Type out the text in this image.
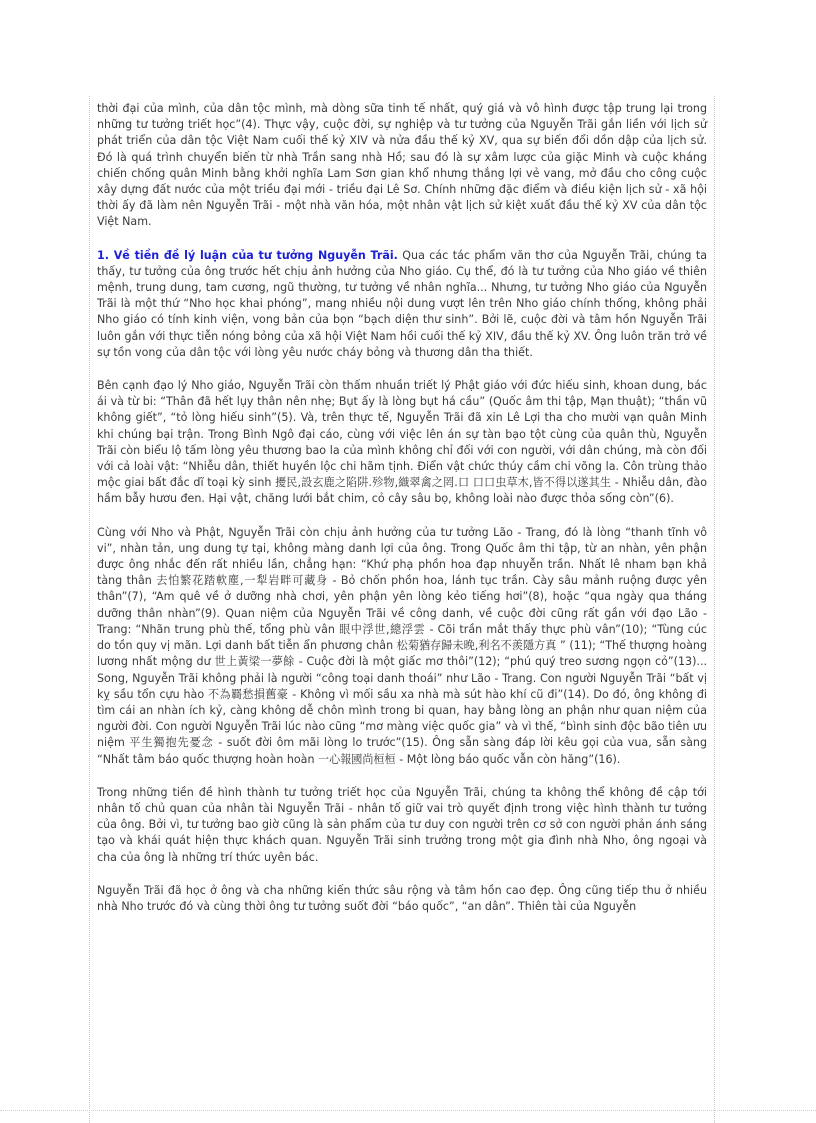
thời đại của mình, của dân tộc mình, mà dòng sữa tinh tế nhất, quý giá và vô hình được tập trung lại trong những tư tưởng triết học”(4). Thực vậy, cuộc đời, sự nghiệp và tư tưởng của Nguyễn Trãi gắn liền với lịch sử phát triển của dân tộc Việt Nam cuối thế kỷ XIV và nửa đầu thế kỷ XV, qua sự biến đổi dồn dập của lịch sử. Đó là quá trình chuyển biến từ nhà Trần sang nhà Hồ; sau đó là sự xâm lược của giặc Minh và cuộc kháng chiến chống quân Minh bằng khởi nghĩa Lam Sơn gian khổ nhưng thắng lợi vẻ vang, mở đầu cho công cuộc xây dựng đất nước của một triều đại mới - triều đại Lê Sơ. Chính những đặc điểm và điều kiện lịch sử - xã hội thời ấy đã làm nên Nguyễn Trãi - một nhà văn hóa, một nhân vật lịch sử kiệt xuất đầu thế kỷ XV của dân tộc Việt Nam.

1. Về tiền đề lý luận của tư tưởng Nguyễn Trãi. Qua các tác phẩm văn thơ của Nguyễn Trãi, chúng ta thấy, tư tưởng của ông trước hết chịu ảnh hưởng của Nho giáo. Cụ thể, đó là tư tưởng của Nho giáo về thiên mệnh, trung dung, tam cương, ngũ thường, tư tưởng về nhân nghĩa... Nhưng, tư tưởng Nho giáo của Nguyễn Trãi là một thứ “Nho học khai phóng”, mang nhiều nội dung vượt lên trên Nho giáo chính thống, không phải Nho giáo có tính kinh viện, vong bản của bọn “bạch diện thư sinh”. Bởi lẽ, cuộc đời và tâm hồn Nguyễn Trãi luôn gắn với thực tiễn nóng bỏng của xã hội Việt Nam hồi cuối thế kỷ XIV, đầu thế kỷ XV. Ông luôn trăn trở về sự tồn vong của dân tộc với lòng yêu nước cháy bỏng và thương dân tha thiết.

Bên cạnh đạo lý Nho giáo, Nguyễn Trãi còn thấm nhuần triết lý Phật giáo với đức hiếu sinh, khoan dung, bác ái và từ bi: “Thân đã hết lụy thân nên nhẹ; Bụt ấy là lòng bụt há cầu” (Quốc âm thi tập, Mạn thuật); “thần vũ không giết”, “tỏ lòng hiếu sinh”(5). Và, trên thực tế, Nguyễn Trãi đã xin Lê Lợi tha cho mười vạn quân Minh khi chúng bại trận. Trong Bình Ngô đại cáo, cùng với việc lên án sự tàn bạo tột cùng của quân thù, Nguyễn Trãi còn biểu lộ tấm lòng yêu thương bao la của mình không chỉ đối với con người, với dân chúng, mà còn đối với cả loài vật: “Nhiễu dân, thiết huyền lộc chi hãm tịnh. Điển vật chức thúy cầm chi võng la. Côn trùng thảo mộc giai bất đắc dĩ toại kỳ sinh 擾民,設玄鹿之陷阱.殄物,織翠禽之罔.口 口口虫草木,皆不得以遂其生 - Nhiễu dân, đào hầm bẫy hươu đen. Hại vật, chăng lưới bắt chim, cỏ cây sâu bọ, không loài nào được thỏa sống còn”(6).

Cùng với Nho và Phật, Nguyễn Trãi còn chịu ảnh hưởng của tư tưởng Lão - Trang, đó là lòng “thanh tĩnh vô vi”, nhàn tản, ung dung tự tại, không màng danh lợi của ông. Trong Quốc âm thi tập, từ an nhàn, yên phận được ông nhắc đến rất nhiều lần, chẳng hạn: “Khứ phạ phồn hoa đạp nhuyễn trần. Nhất lê nham bạn khả tàng thân 去怕繁花踏軟塵,一犁岩畔可藏身 - Bỏ chốn phồn hoa, lánh tục trần. Cày sâu mảnh ruộng được yên thân”(7), “Am quê về ở dưỡng nhà chơi, yên phận yên lòng kẻo tiếng hơi”(8), hoặc “qua ngày qua tháng dưỡng thân nhàn”(9). Quan niệm của Nguyễn Trãi về công danh, về cuộc đời cũng rất gần với đạo Lão - Trang: “Nhãn trung phù thế, tổng phù vân 眼中浮世,總浮雲 - Cõi trần mắt thấy thực phù vân”(10); “Tùng cúc do tồn quy vị mãn. Lợi danh bất tiễn ẩn phương chân 松菊猶存歸未晚,利名不羨隱方真 ” (11); “Thế thượng hoàng lương nhất mộng dư 世上黃梁一夢餘 - Cuộc đời là một giấc mơ thôi”(12); “phú quý treo sương ngọn cỏ”(13)... Song, Nguyễn Trãi không phải là người “công toại danh thoái” như Lão - Trang. Con người Nguyễn Trãi “bất vị kỵ sầu tổn cựu hào 不為羇愁損舊豪 - Không vì mối sầu xa nhà mà sút hào khí cũ đi”(14). Do đó, ông không đi tìm cái an nhàn ích kỷ, càng không dễ chôn mình trong bi quan, hay bằng lòng an phận như quan niệm của người đời. Con người Nguyễn Trãi lúc nào cũng “mơ màng việc quốc gia” và vì thế, “bình sinh độc bão tiên ưu niệm 平生獨抱先憂念 - suốt đời ôm mãi lòng lo trước”(15). Ông sẵn sàng đáp lời kêu gọi của vua, sẵn sàng “Nhất tâm báo quốc thượng hoàn hoàn 一心報國尚桓桓 - Một lòng báo quốc vẫn còn hăng”(16).

Trong những tiền đề hình thành tư tưởng triết học của Nguyễn Trãi, chúng ta không thể không đề cập tới nhân tố chủ quan của nhân tài Nguyễn Trãi - nhân tố giữ vai trò quyết định trong việc hình thành tư tưởng của ông. Bởi vì, tư tưởng bao giờ cũng là sản phẩm của tư duy con người trên cơ sở con người phản ánh sáng tạo và khái quát hiện thực khách quan. Nguyễn Trãi sinh trưởng trong một gia đình nhà Nho, ông ngoại và cha của ông là những trí thức uyên bác.

Nguyễn Trãi đã học ở ông và cha những kiến thức sâu rộng và tâm hồn cao đẹp. Ông cũng tiếp thu ở nhiều nhà Nho trước đó và cùng thời ông tư tưởng suốt đời “báo quốc”, “an dân”. Thiên tài của Nguyễn
